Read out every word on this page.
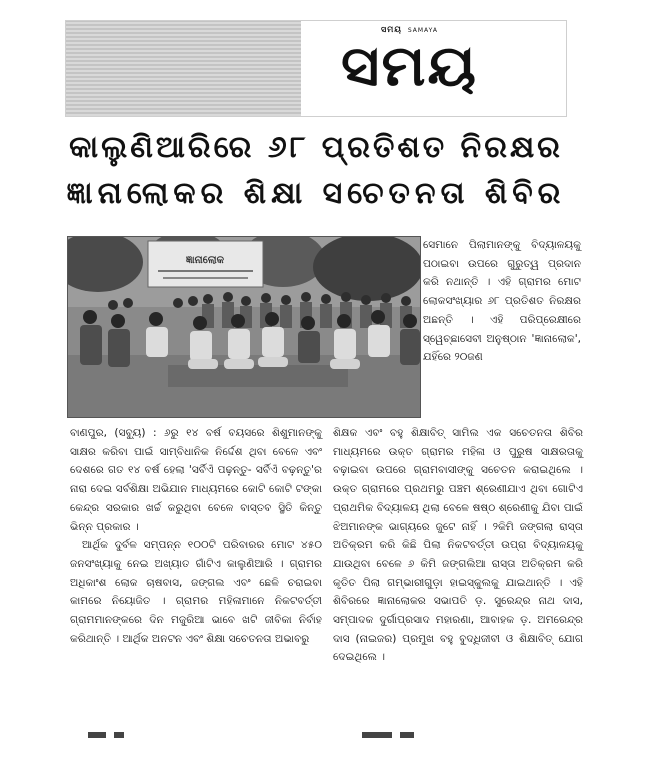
ସମୟ SAMAYA
ସମୟ
କାଲୁଣିଆରିରେ ୬୮ ପ୍ରତିଶତ ନିରକ୍ଷର
ଜ୍ଞାନାଲୋକର ଶିକ୍ଷା ସଚେତନତା ଶିବିର
ଜ୍ଞାନାଲୋକ

ସେମାନେ ପିଲାମାନଙ୍କୁ ବିଦ୍ୟାଳୟକୁ ପଠାଇବା ଉପରେ ଗୁରୁତ୍ୱ ପ୍ରଦାନ କରି ନଥାନ୍ତି । ଏହି ଗ୍ରାମର ମୋଟ ଲୋକସଂଖ୍ୟାର ୬୮ ପ୍ରତିଶତ ନିରକ୍ଷର ଅଛନ୍ତି । ଏହି ପରିପ୍ରେକ୍ଷୀରେ ସ୍ୱେଚ୍ଛାସେବୀ ଅନୁଷ୍ଠାନ 'ଜ୍ଞାନାଲୋକ', ଯହିଁରେ ୨୦ଜଣ

ବାଣପୁର, (ସବ୍ୟୁ) : ୬ରୁ ୧୪ ବର୍ଷ ବୟସରେ ଶିଶୁମାନଙ୍କୁ ସାକ୍ଷର କରିବା ପାଇଁ ସାମ୍ବିଧାନିକ ନିର୍ଦ୍ଦେଶ ଥିବା ବେଳେ ଏବଂ ଦେଶରେ ଗତ ୧୪ ବର୍ଷ ହେଲା 'ସର୍ବିଏଁ ପଢ଼ନ୍ତୁ- ସର୍ବିଏଁ ବଢ଼ନ୍ତୁ'ର ନାରା ଦେଇ ସର୍ବଶିକ୍ଷା ଅଭିଯାନ ମାଧ୍ୟମରେ କୋଟି କୋଟି ଟଙ୍କା କେନ୍ଦ୍ର ସରକାର ଖର୍ଚ୍ଚ କରୁଥିବା ବେଳେ ବାସ୍ତବ ସ୍ଥିତି କିନ୍ତୁ ଭିନ୍ନ ପ୍ରକାର ।

ଆର୍ଥିକ ଦୁର୍ବଳ ସମ୍ପନ୍ନ ୧୦୦ଟି ପରିବାରର ମୋଟ ୪୫୦ ଜନସଂଖ୍ୟାକୁ ନେଇ ଅଖ୍ୟାତ ଗାଁଟିଏ କାଲୁଣିଆରି । ଗ୍ରାମର ଅଧିକାଂଶ ଲୋକ ଚାଷବାସ, ଜଙ୍ଗଲ ଏବଂ ଛେଳି ଚରାଇବା କାମରେ ନିୟୋଜିତ । ଗ୍ରାମର ମହିଳାମାନେ ନିକଟବର୍ତ୍ତୀ ଗ୍ରାମମାନଙ୍କରେ ଦିନ ମଜୁରିଆ ଭାବେ ଖଟି ଜୀବିକା ନିର୍ବାହ କରିଥାନ୍ତି । ଆର୍ଥିକ ଅନଟନ ଏବଂ ଶିକ୍ଷା ସଚେତନତା ଅଭାବରୁ

ଶିକ୍ଷକ ଏବଂ ବହୁ ଶିକ୍ଷାବିତ୍ ସାମିଲ ଏକ ସଚେତନତା ଶିବିର ମାଧ୍ୟମରେ ଉକ୍ତ ଗ୍ରାମର ମହିଳା ଓ ପୁରୁଷ ସାକ୍ଷରତାକୁ ବଢ଼ାଇବା ଉପରେ ଗ୍ରାମବାସୀଙ୍କୁ ସଚେତନ କରାଇଥିଲେ । ଉକ୍ତ ଗ୍ରାମରେ ପ୍ରଥମରୁ ପଞ୍ଚମ ଶ୍ରେଣୀଯାଏ ଥିବା ଗୋଟିଏ ପ୍ରାଥମିକ ବିଦ୍ୟାଳୟ ଥିଲା ବେଳେ ଷଷ୍ଠ ଶ୍ରେଣୀକୁ ଯିବା ପାଇଁ ଝିଅମାନଙ୍କ ଭାଗ୍ୟରେ ଜୁଟେ ନାହିଁ । ୨କିମି ଜଙ୍ଗଲା ରାସ୍ତା ଅତିକ୍ରମ କରି କିଛି ପିଲା ନିକଟବର୍ତ୍ତୀ ଉପ୍ରା ବିଦ୍ୟାଳୟକୁ ଯାଉଥିବା ବେଳେ ୬ କିମି ଜଙ୍ଗଲିଆ ରାସ୍ତା ଅତିକ୍ରମ କରି କୃତିତ ପିଲା ଗମ୍ଭାରୀଗୁଡ଼ା ହାଇସ୍କୁଲକୁ ଯାଇଥାନ୍ତି । ଏହି ଶିବିରରେ ଜ୍ଞାନାଲୋକର ସଭାପତି ଡ଼. ସୁରେନ୍ଦ୍ର ନାଥ ଦାସ, ସମ୍ପାଦକ ଦୁର୍ଗାପ୍ରସାଦ ମହାରଣା, ଆବାହକ ଡ଼. ଅମରେନ୍ଦ୍ର ଦାସ (ନାଇଜର) ପ୍ରମୁଖ ବହୁ ବୁଦ୍ଧିଜୀବୀ ଓ ଶିକ୍ଷାବିତ୍ ଯୋଗ ଦେଇଥିଲେ ।
